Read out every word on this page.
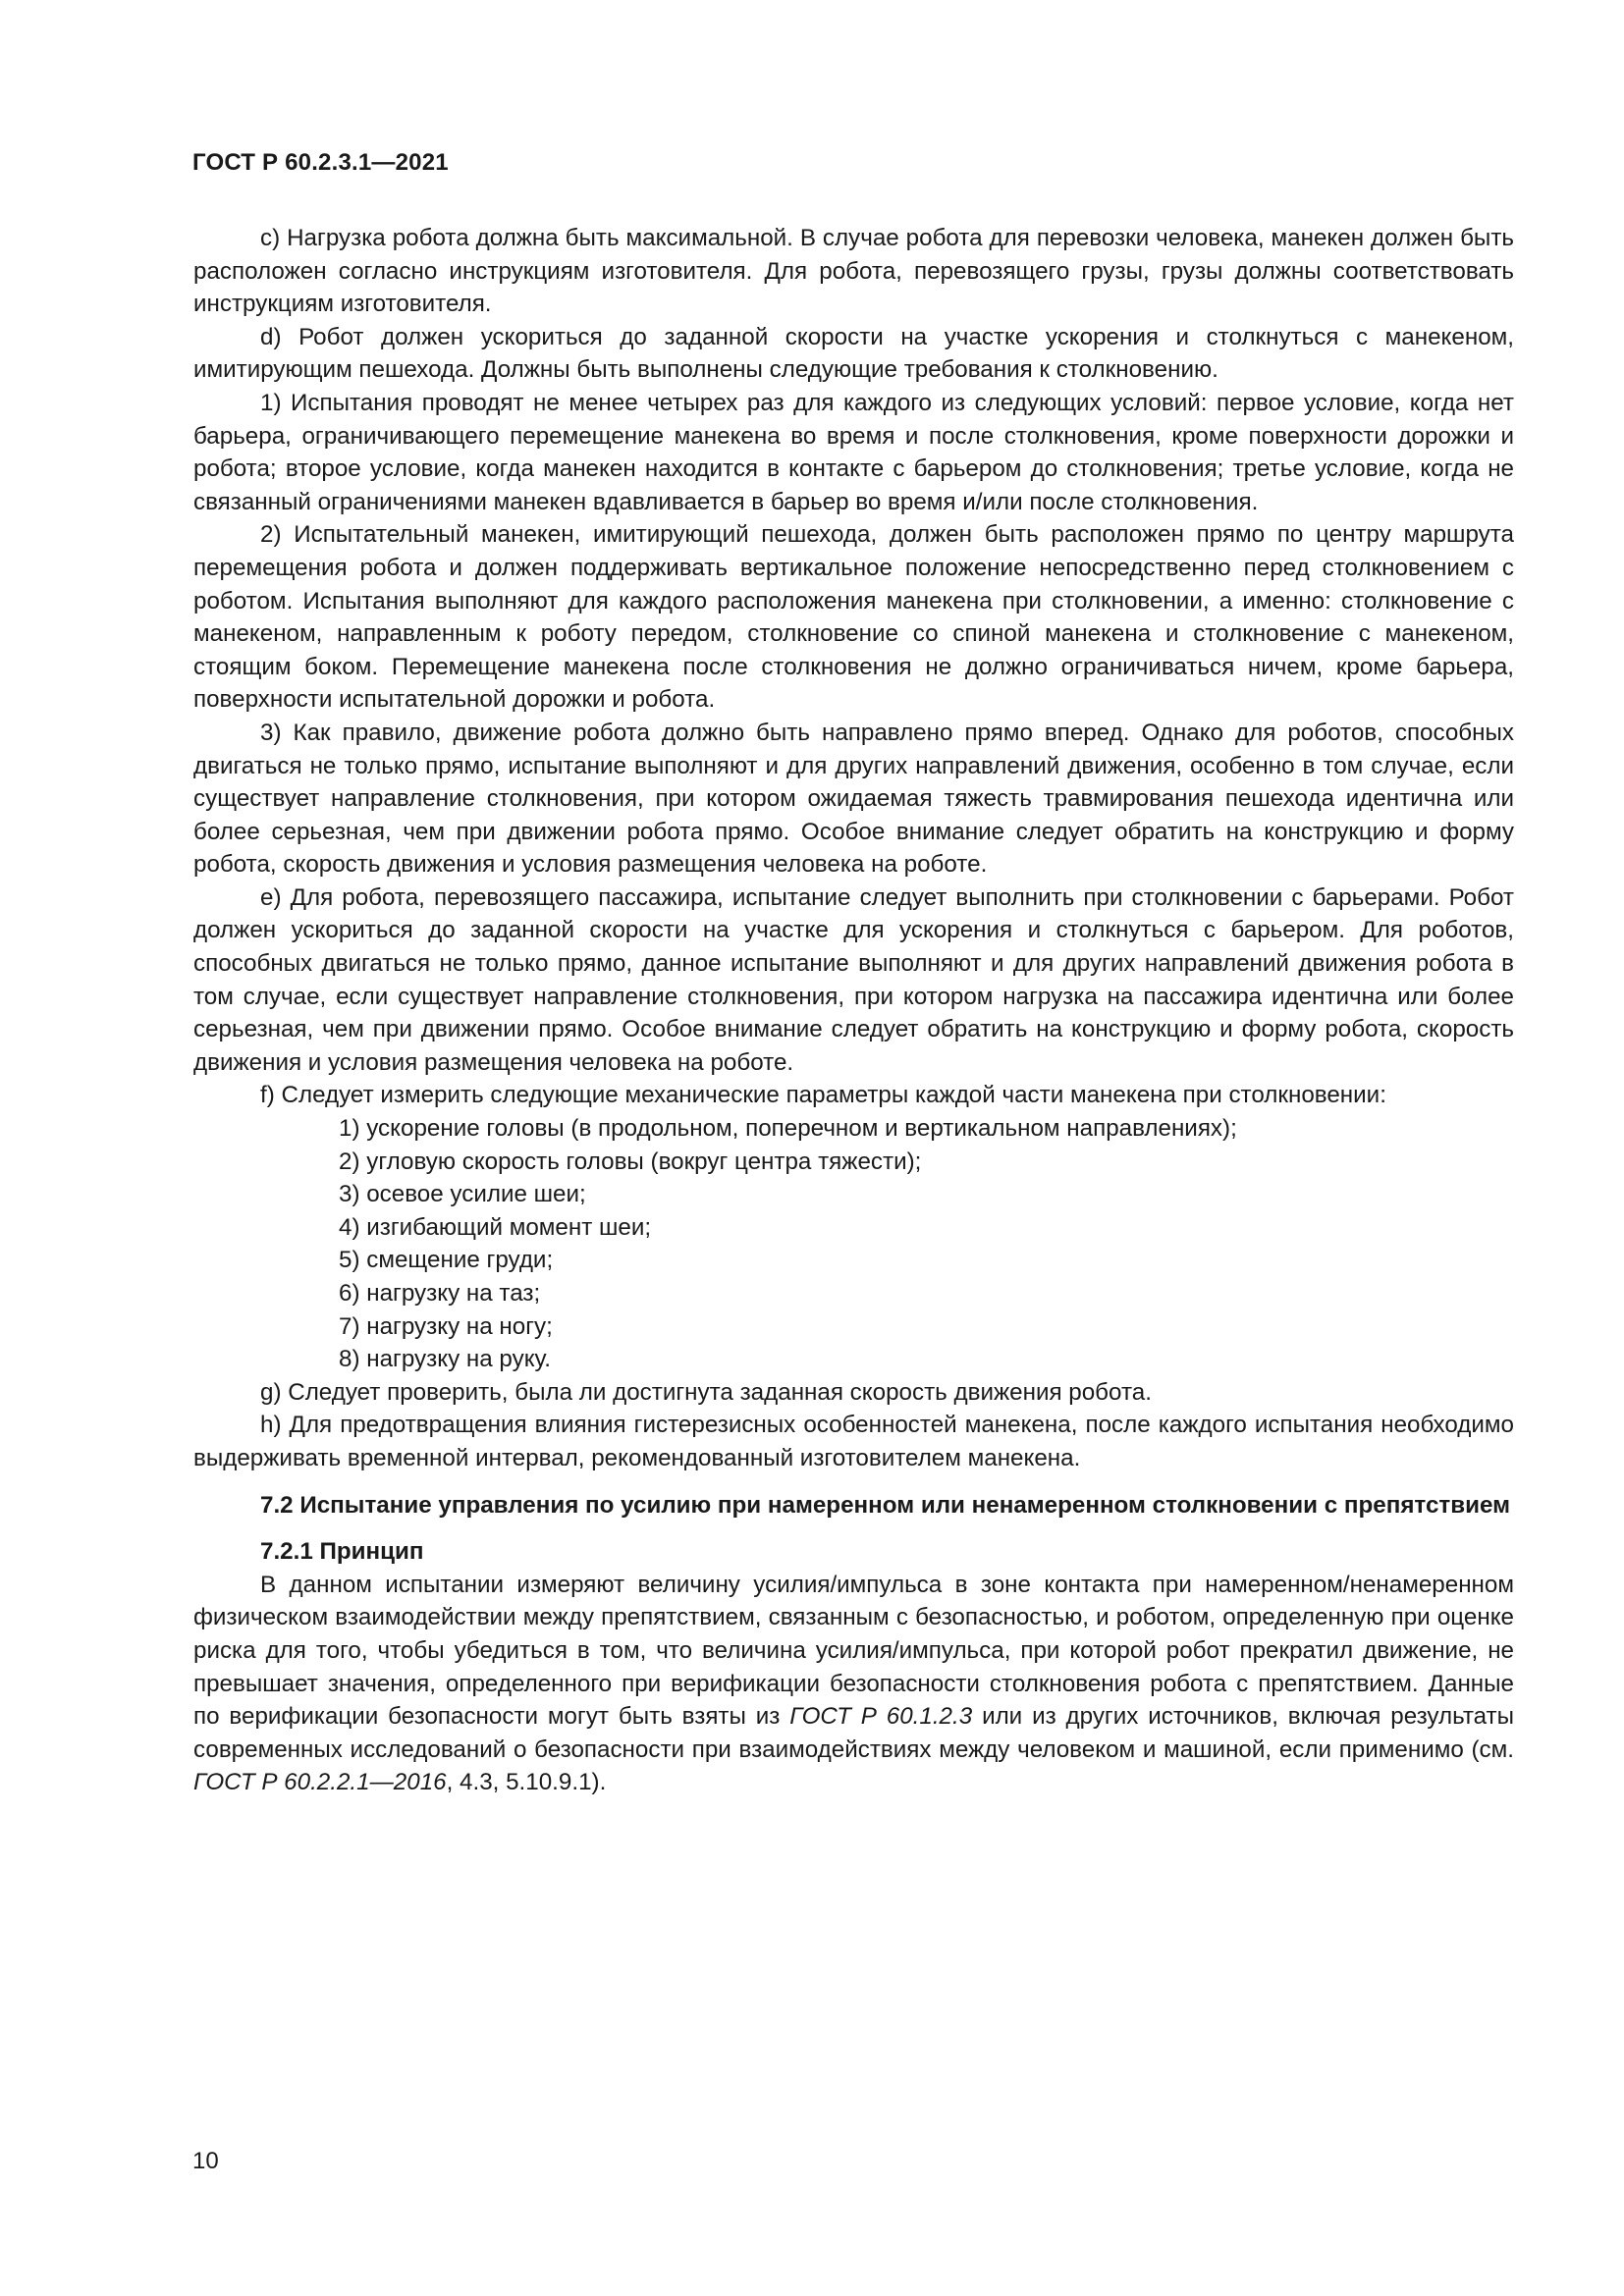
ГОСТ Р 60.2.3.1—2021

c) Нагрузка робота должна быть максимальной. В случае робота для перевозки человека, манекен должен быть расположен согласно инструкциям изготовителя. Для робота, перевозящего грузы, грузы должны соответствовать инструкциям изготовителя.

d) Робот должен ускориться до заданной скорости на участке ускорения и столкнуться с манекеном, имитирующим пешехода. Должны быть выполнены следующие требования к столкновению.

1) Испытания проводят не менее четырех раз для каждого из следующих условий: первое условие, когда нет барьера, ограничивающего перемещение манекена во время и после столкновения, кроме поверхности дорожки и робота; второе условие, когда манекен находится в контакте с барьером до столкновения; третье условие, когда не связанный ограничениями манекен вдавливается в барьер во время и/или после столкновения.

2) Испытательный манекен, имитирующий пешехода, должен быть расположен прямо по центру маршрута перемещения робота и должен поддерживать вертикальное положение непосредственно перед столкновением с роботом. Испытания выполняют для каждого расположения манекена при столкновении, а именно: столкновение с манекеном, направленным к роботу передом, столкновение со спиной манекена и столкновение с манекеном, стоящим боком. Перемещение манекена после столкновения не должно ограничиваться ничем, кроме барьера, поверхности испытательной дорожки и робота.

3) Как правило, движение робота должно быть направлено прямо вперед. Однако для роботов, способных двигаться не только прямо, испытание выполняют и для других направлений движения, особенно в том случае, если существует направление столкновения, при котором ожидаемая тяжесть травмирования пешехода идентична или более серьезная, чем при движении робота прямо. Особое внимание следует обратить на конструкцию и форму робота, скорость движения и условия размещения человека на роботе.

e) Для робота, перевозящего пассажира, испытание следует выполнить при столкновении с барьерами. Робот должен ускориться до заданной скорости на участке для ускорения и столкнуться с барьером. Для роботов, способных двигаться не только прямо, данное испытание выполняют и для других направлений движения робота в том случае, если существует направление столкновения, при котором нагрузка на пассажира идентична или более серьезная, чем при движении прямо. Особое внимание следует обратить на конструкцию и форму робота, скорость движения и условия размещения человека на роботе.

f) Следует измерить следующие механические параметры каждой части манекена при столкновении:

1) ускорение головы (в продольном, поперечном и вертикальном направлениях);
2) угловую скорость головы (вокруг центра тяжести);
3) осевое усилие шеи;
4) изгибающий момент шеи;
5) смещение груди;
6) нагрузку на таз;
7) нагрузку на ногу;
8) нагрузку на руку.

g) Следует проверить, была ли достигнута заданная скорость движения робота.

h) Для предотвращения влияния гистерезисных особенностей манекена, после каждого испытания необходимо выдерживать временной интервал, рекомендованный изготовителем манекена.

7.2 Испытание управления по усилию при намеренном или ненамеренном столкновении с препятствием
7.2.1 Принцип

В данном испытании измеряют величину усилия/импульса в зоне контакта при намеренном/ненамеренном физическом взаимодействии между препятствием, связанным с безопасностью, и роботом, определенную при оценке риска для того, чтобы убедиться в том, что величина усилия/импульса, при которой робот прекратил движение, не превышает значения, определенного при верификации безопасности столкновения робота с препятствием. Данные по верификации безопасности могут быть взяты из ГОСТ Р 60.1.2.3 или из других источников, включая результаты современных исследований о безопасности при взаимодействиях между человеком и машиной, если применимо (см. ГОСТ Р 60.2.2.1—2016, 4.3, 5.10.9.1).

10
